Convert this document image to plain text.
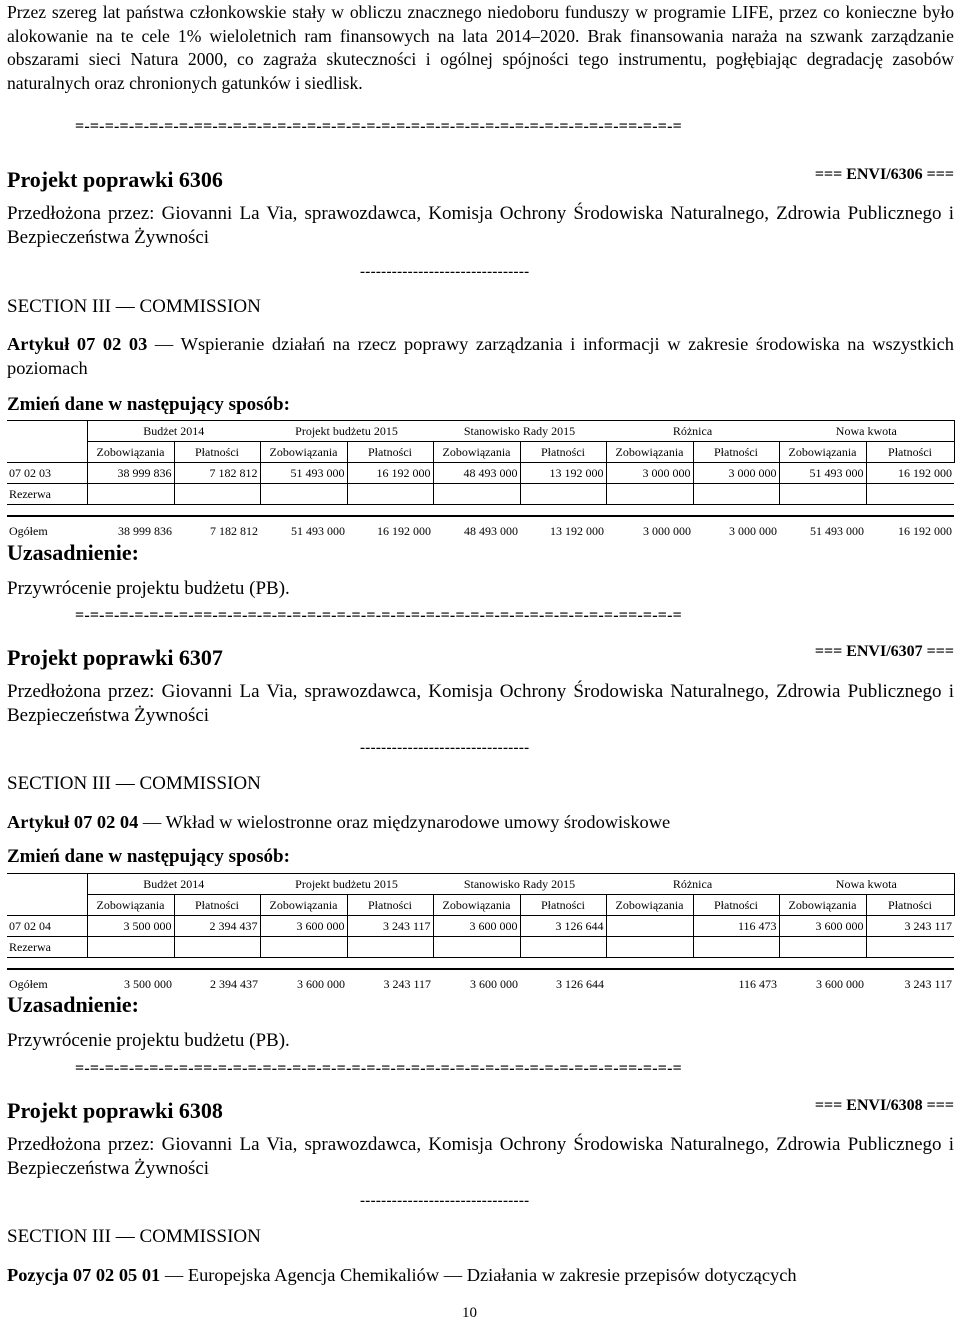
Przez szereg lat państwa członkowskie stały w obliczu znacznego niedoboru funduszy w programie LIFE, przez co konieczne było alokowanie na te cele 1% wieloletnich ram finansowych na lata 2014–2020. Brak finansowania naraża na szwank zarządzanie obszarami sieci Natura 2000, co zagraża skuteczności i ogólnej spójności tego instrumentu, pogłębiając degradację zasobów naturalnych oraz chronionych gatunków i siedlisk.
=-=-=-=-=-=-=-=-==-=-=-=-=-=-=-=-=-=-=-=-=-=-=-=-=-=-=-=-=-=-=-=-=-=-=-=-==-=-=-=
Projekt poprawki 6306	=== ENVI/6306 ===
Przedłożona przez: Giovanni La Via, sprawozdawca, Komisja Ochrony Środowiska Naturalnego, Zdrowia Publicznego i Bezpieczeństwa Żywności
--------------------------------
SECTION III — COMMISSION
Artykuł 07 02 03 — Wspieranie działań na rzecz poprawy zarządzania i informacji w zakresie środowiska na wszystkich poziomach
Zmień dane w następujący sposób:
	Budżet 2014		Projekt budżetu 2015		Stanowisko Rady 2015		Różnica		Nowa kwota	
	Zobowiązania	Płatności	Zobowiązania	Płatności	Zobowiązania	Płatności	Zobowiązania	Płatności	Zobowiązania	Płatności
07 02 03	38 999 836	7 182 812	51 493 000	16 192 000	48 493 000	13 192 000	3 000 000	3 000 000	51 493 000	16 192 000
Rezerwa										

Ogółem	38 999 836	7 182 812	51 493 000	16 192 000	48 493 000	13 192 000	3 000 000	3 000 000	51 493 000	16 192 000
Uzasadnienie:
Przywrócenie projektu budżetu (PB).
=-=-=-=-=-=-=-=-==-=-=-=-=-=-=-=-=-=-=-=-=-=-=-=-=-=-=-=-=-=-=-=-=-=-=-=-==-=-=-=
Projekt poprawki 6307	=== ENVI/6307 ===
Przedłożona przez: Giovanni La Via, sprawozdawca, Komisja Ochrony Środowiska Naturalnego, Zdrowia Publicznego i Bezpieczeństwa Żywności
--------------------------------
SECTION III — COMMISSION
Artykuł 07 02 04 — Wkład w wielostronne oraz międzynarodowe umowy środowiskowe
Zmień dane w następujący sposób:
	Budżet 2014		Projekt budżetu 2015		Stanowisko Rady 2015		Różnica		Nowa kwota	
	Zobowiązania	Płatności	Zobowiązania	Płatności	Zobowiązania	Płatności	Zobowiązania	Płatności	Zobowiązania	Płatności
07 02 04	3 500 000	2 394 437	3 600 000	3 243 117	3 600 000	3 126 644		116 473	3 600 000	3 243 117
Rezerwa										

Ogółem	3 500 000	2 394 437	3 600 000	3 243 117	3 600 000	3 126 644		116 473	3 600 000	3 243 117
Uzasadnienie:
Przywrócenie projektu budżetu (PB).
=-=-=-=-=-=-=-=-==-=-=-=-=-=-=-=-=-=-=-=-=-=-=-=-=-=-=-=-=-=-=-=-=-=-=-=-==-=-=-=
Projekt poprawki 6308	=== ENVI/6308 ===
Przedłożona przez: Giovanni La Via, sprawozdawca, Komisja Ochrony Środowiska Naturalnego, Zdrowia Publicznego i Bezpieczeństwa Żywności
--------------------------------
SECTION III — COMMISSION
Pozycja 07 02 05 01 — Europejska Agencja Chemikaliów — Działania w zakresie przepisów dotyczących
10
